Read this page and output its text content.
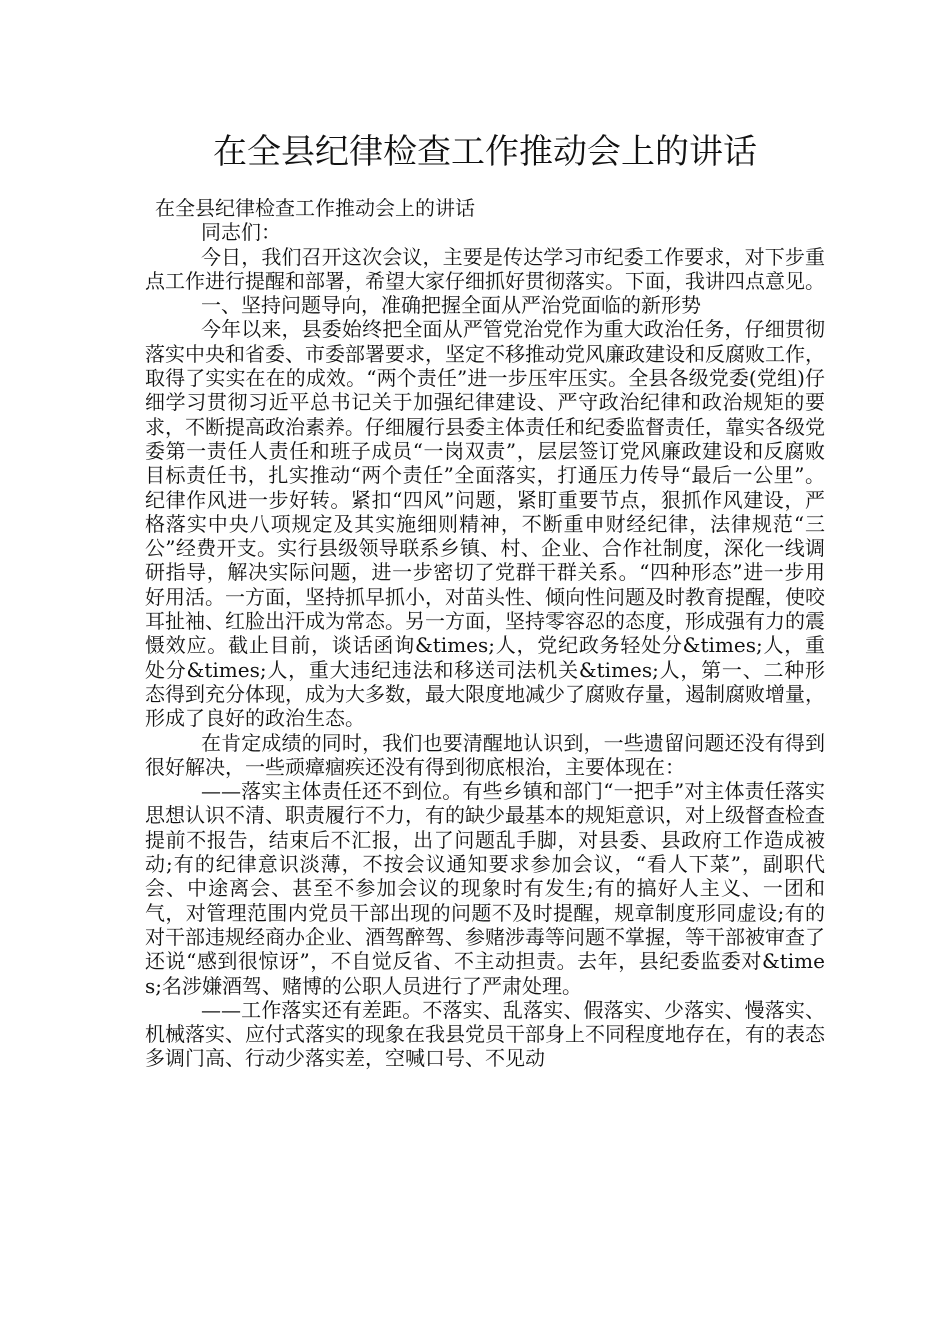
在全县纪律检查工作推动会上的讲话

在全县纪律检查工作推动会上的讲话

同志们：

今日，我们召开这次会议，主要是传达学习市纪委工作要求，对下步重点工作进行提醒和部署，希望大家仔细抓好贯彻落实。下面，我讲四点意见。

一、坚持问题导向，准确把握全面从严治党面临的新形势

今年以来，县委始终把全面从严管党治党作为重大政治任务，仔细贯彻落实中央和省委、市委部署要求，坚定不移推动党风廉政建设和反腐败工作，取得了实实在在的成效。“两个责任”进一步压牢压实。全县各级党委(党组)仔细学习贯彻习近平总书记关于加强纪律建设、严守政治纪律和政治规矩的要求，不断提高政治素养。仔细履行县委主体责任和纪委监督责任，靠实各级党委第一责任人责任和班子成员“一岗双责”，层层签订党风廉政建设和反腐败目标责任书，扎实推动“两个责任”全面落实，打通压力传导“最后一公里”。纪律作风进一步好转。紧扣“四风”问题，紧盯重要节点，狠抓作风建设，严格落实中央八项规定及其实施细则精神，不断重申财经纪律，法律规范“三公”经费开支。实行县级领导联系乡镇、村、企业、合作社制度，深化一线调研指导，解决实际问题，进一步密切了党群干群关系。“四种形态”进一步用好用活。一方面，坚持抓早抓小，对苗头性、倾向性问题及时教育提醒，使咬耳扯袖、红脸出汗成为常态。另一方面，坚持零容忍的态度，形成强有力的震慑效应。截止目前，谈话函询&times;人，党纪政务轻处分&times;人，重处分&times;人，重大违纪违法和移送司法机关&times;人，第一、二种形态得到充分体现，成为大多数，最大限度地减少了腐败存量，遏制腐败增量，形成了良好的政治生态。

在肯定成绩的同时，我们也要清醒地认识到，一些遗留问题还没有得到很好解决，一些顽瘴痼疾还没有得到彻底根治，主要体现在：

——落实主体责任还不到位。有些乡镇和部门“一把手”对主体责任落实思想认识不清、职责履行不力，有的缺少最基本的规矩意识，对上级督查检查提前不报告，结束后不汇报，出了问题乱手脚，对县委、县政府工作造成被动;有的纪律意识淡薄，不按会议通知要求参加会议，“看人下菜”，副职代会、中途离会、甚至不参加会议的现象时有发生;有的搞好人主义、一团和气，对管理范围内党员干部出现的问题不及时提醒，规章制度形同虚设;有的对干部违规经商办企业、酒驾醉驾、参赌涉毒等问题不掌握，等干部被审查了还说“感到很惊讶”，不自觉反省、不主动担责。去年，县纪委监委对&times;名涉嫌酒驾、赌博的公职人员进行了严肃处理。

——工作落实还有差距。不落实、乱落实、假落实、少落实、慢落实、机械落实、应付式落实的现象在我县党员干部身上不同程度地存在，有的表态多调门高、行动少落实差，空喊口号、不见动
